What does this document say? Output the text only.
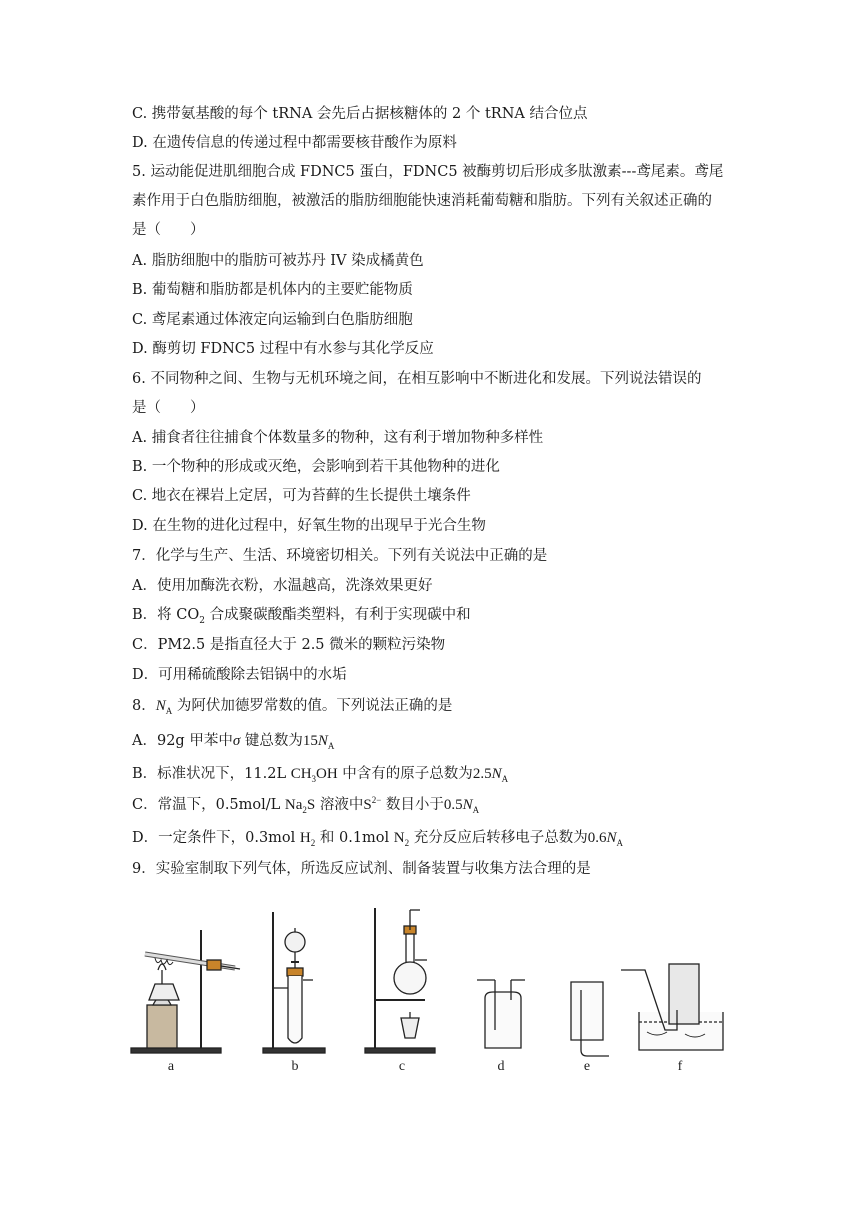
C. 携带氨基酸的每个 tRNA 会先后占据核糖体的 2 个 tRNA 结合位点
D. 在遗传信息的传递过程中都需要核苷酸作为原料
5. 运动能促进肌细胞合成 FDNC5 蛋白，FDNC5 被酶剪切后形成多肽激素---鸢尾素。鸢尾
素作用于白色脂肪细胞，被激活的脂肪细胞能快速消耗葡萄糖和脂肪。下列有关叙述正确的
是（　　）
A. 脂肪细胞中的脂肪可被苏丹 IV 染成橘黄色
B. 葡萄糖和脂肪都是机体内的主要贮能物质
C. 鸢尾素通过体液定向运输到白色脂肪细胞
D. 酶剪切 FDNC5 过程中有水参与其化学反应
6. 不同物种之间、生物与无机环境之间，在相互影响中不断进化和发展。下列说法错误的
是（　　）
A. 捕食者往往捕食个体数量多的物种，这有利于增加物种多样性
B. 一个物种的形成或灭绝，会影响到若干其他物种的进化
C. 地衣在裸岩上定居，可为苔藓的生长提供土壤条件
D. 在生物的进化过程中，好氧生物的出现早于光合生物
7．化学与生产、生活、环境密切相关。下列有关说法中正确的是
A．使用加酶洗衣粉，水温越高，洗涤效果更好
B．将 $CO_2$ 合成聚碳酸酯类塑料，有利于实现碳中和
C．PM2.5 是指直径大于 2.5 微米的颗粒污染物
D．可用稀硫酸除去铝锅中的水垢
8．$N_A$ 为阿伏加德罗常数的值。下列说法正确的是
A．92g 甲苯中σ 键总数为$15N_A$
B．标准状况下，11.2L $CH_3OH$ 中含有的原子总数为$2.5N_A$
C．常温下，0.5mol/L $Na_2S$ 溶液中$S^{2-}$ 数目小于$0.5N_A$
D．一定条件下，0.3mol $H_2$ 和 0.1mol $N_2$ 充分反应后转移电子总数为$0.6N_A$
9．实验室制取下列气体，所选反应试剂、制备装置与收集方法合理的是
a	b	c	d	e	f
